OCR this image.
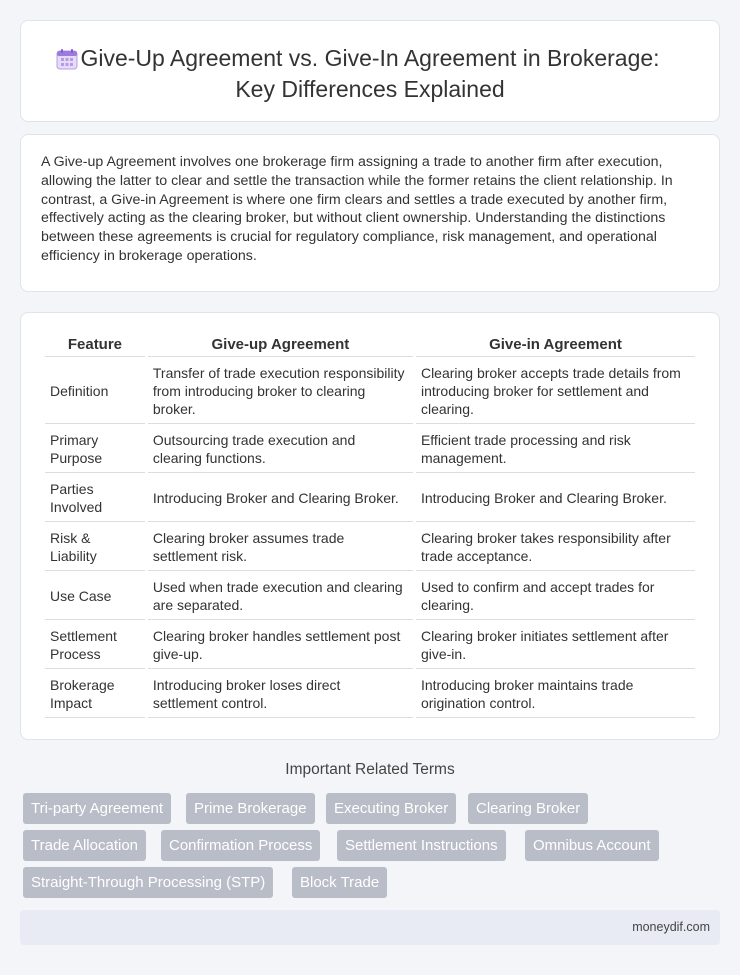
Give-Up Agreement vs. Give-In Agreement in Brokerage:
Key Differences Explained

A Give-up Agreement involves one brokerage firm assigning a trade to another firm after execution, allowing the latter to clear and settle the transaction while the former retains the client relationship. In contrast, a Give-in Agreement is where one firm clears and settles a trade executed by another firm, effectively acting as the clearing broker, but without client ownership. Understanding the distinctions between these agreements is crucial for regulatory compliance, risk management, and operational efficiency in brokerage operations.

Feature	Give-up Agreement	Give-in Agreement
Definition	Transfer of trade execution responsibility from introducing broker to clearing broker.	Clearing broker accepts trade details from introducing broker for settlement and clearing.
Primary Purpose	Outsourcing trade execution and clearing functions.	Efficient trade processing and risk management.
Parties Involved	Introducing Broker and Clearing Broker.	Introducing Broker and Clearing Broker.
Risk & Liability	Clearing broker assumes trade settlement risk.	Clearing broker takes responsibility after trade acceptance.
Use Case	Used when trade execution and clearing are separated.	Used to confirm and accept trades for clearing.
Settlement Process	Clearing broker handles settlement post give-up.	Clearing broker initiates settlement after give-in.
Brokerage Impact	Introducing broker loses direct settlement control.	Introducing broker maintains trade origination control.
Important Related Terms
Tri-party Agreement	Prime Brokerage	Executing Broker	Clearing Broker
Trade Allocation	Confirmation Process	Settlement Instructions	Omnibus Account
Straight-Through Processing (STP)	Block Trade
moneydif.com
